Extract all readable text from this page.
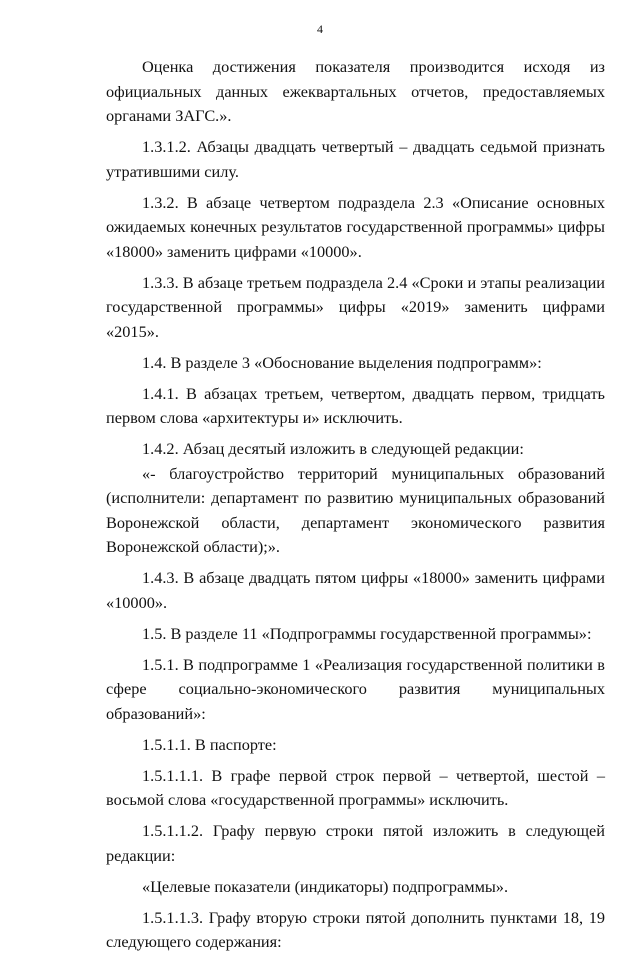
4

Оценка достижения показателя производится исходя из официальных данных ежеквартальных отчетов, предоставляемых органами ЗАГС.».

1.3.1.2. Абзацы двадцать четвертый – двадцать седьмой признать утратившими силу.

1.3.2. В абзаце четвертом подраздела 2.3 «Описание основных ожидаемых конечных результатов государственной программы» цифры «18000» заменить цифрами «10000».

1.3.3. В абзаце третьем подраздела 2.4 «Сроки и этапы реализации государственной программы» цифры «2019» заменить цифрами «2015».

1.4. В разделе 3 «Обоснование выделения подпрограмм»:

1.4.1. В абзацах третьем, четвертом, двадцать первом, тридцать первом слова «архитектуры и» исключить.

1.4.2. Абзац десятый изложить в следующей редакции:

«- благоустройство территорий муниципальных образований (исполнители: департамент по развитию муниципальных образований Воронежской области, департамент экономического развития Воронежской области);».

1.4.3. В абзаце двадцать пятом цифры «18000» заменить цифрами «10000».

1.5. В разделе 11 «Подпрограммы государственной программы»:

1.5.1. В подпрограмме 1 «Реализация государственной политики в сфере социально-экономического развития муниципальных образований»:

1.5.1.1. В паспорте:

1.5.1.1.1. В графе первой строк первой – четвертой, шестой – восьмой слова «государственной программы» исключить.

1.5.1.1.2. Графу первую строки пятой изложить в следующей редакции:

«Целевые показатели (индикаторы) подпрограммы».

1.5.1.1.3. Графу вторую строки пятой дополнить пунктами 18, 19 следующего содержания:
